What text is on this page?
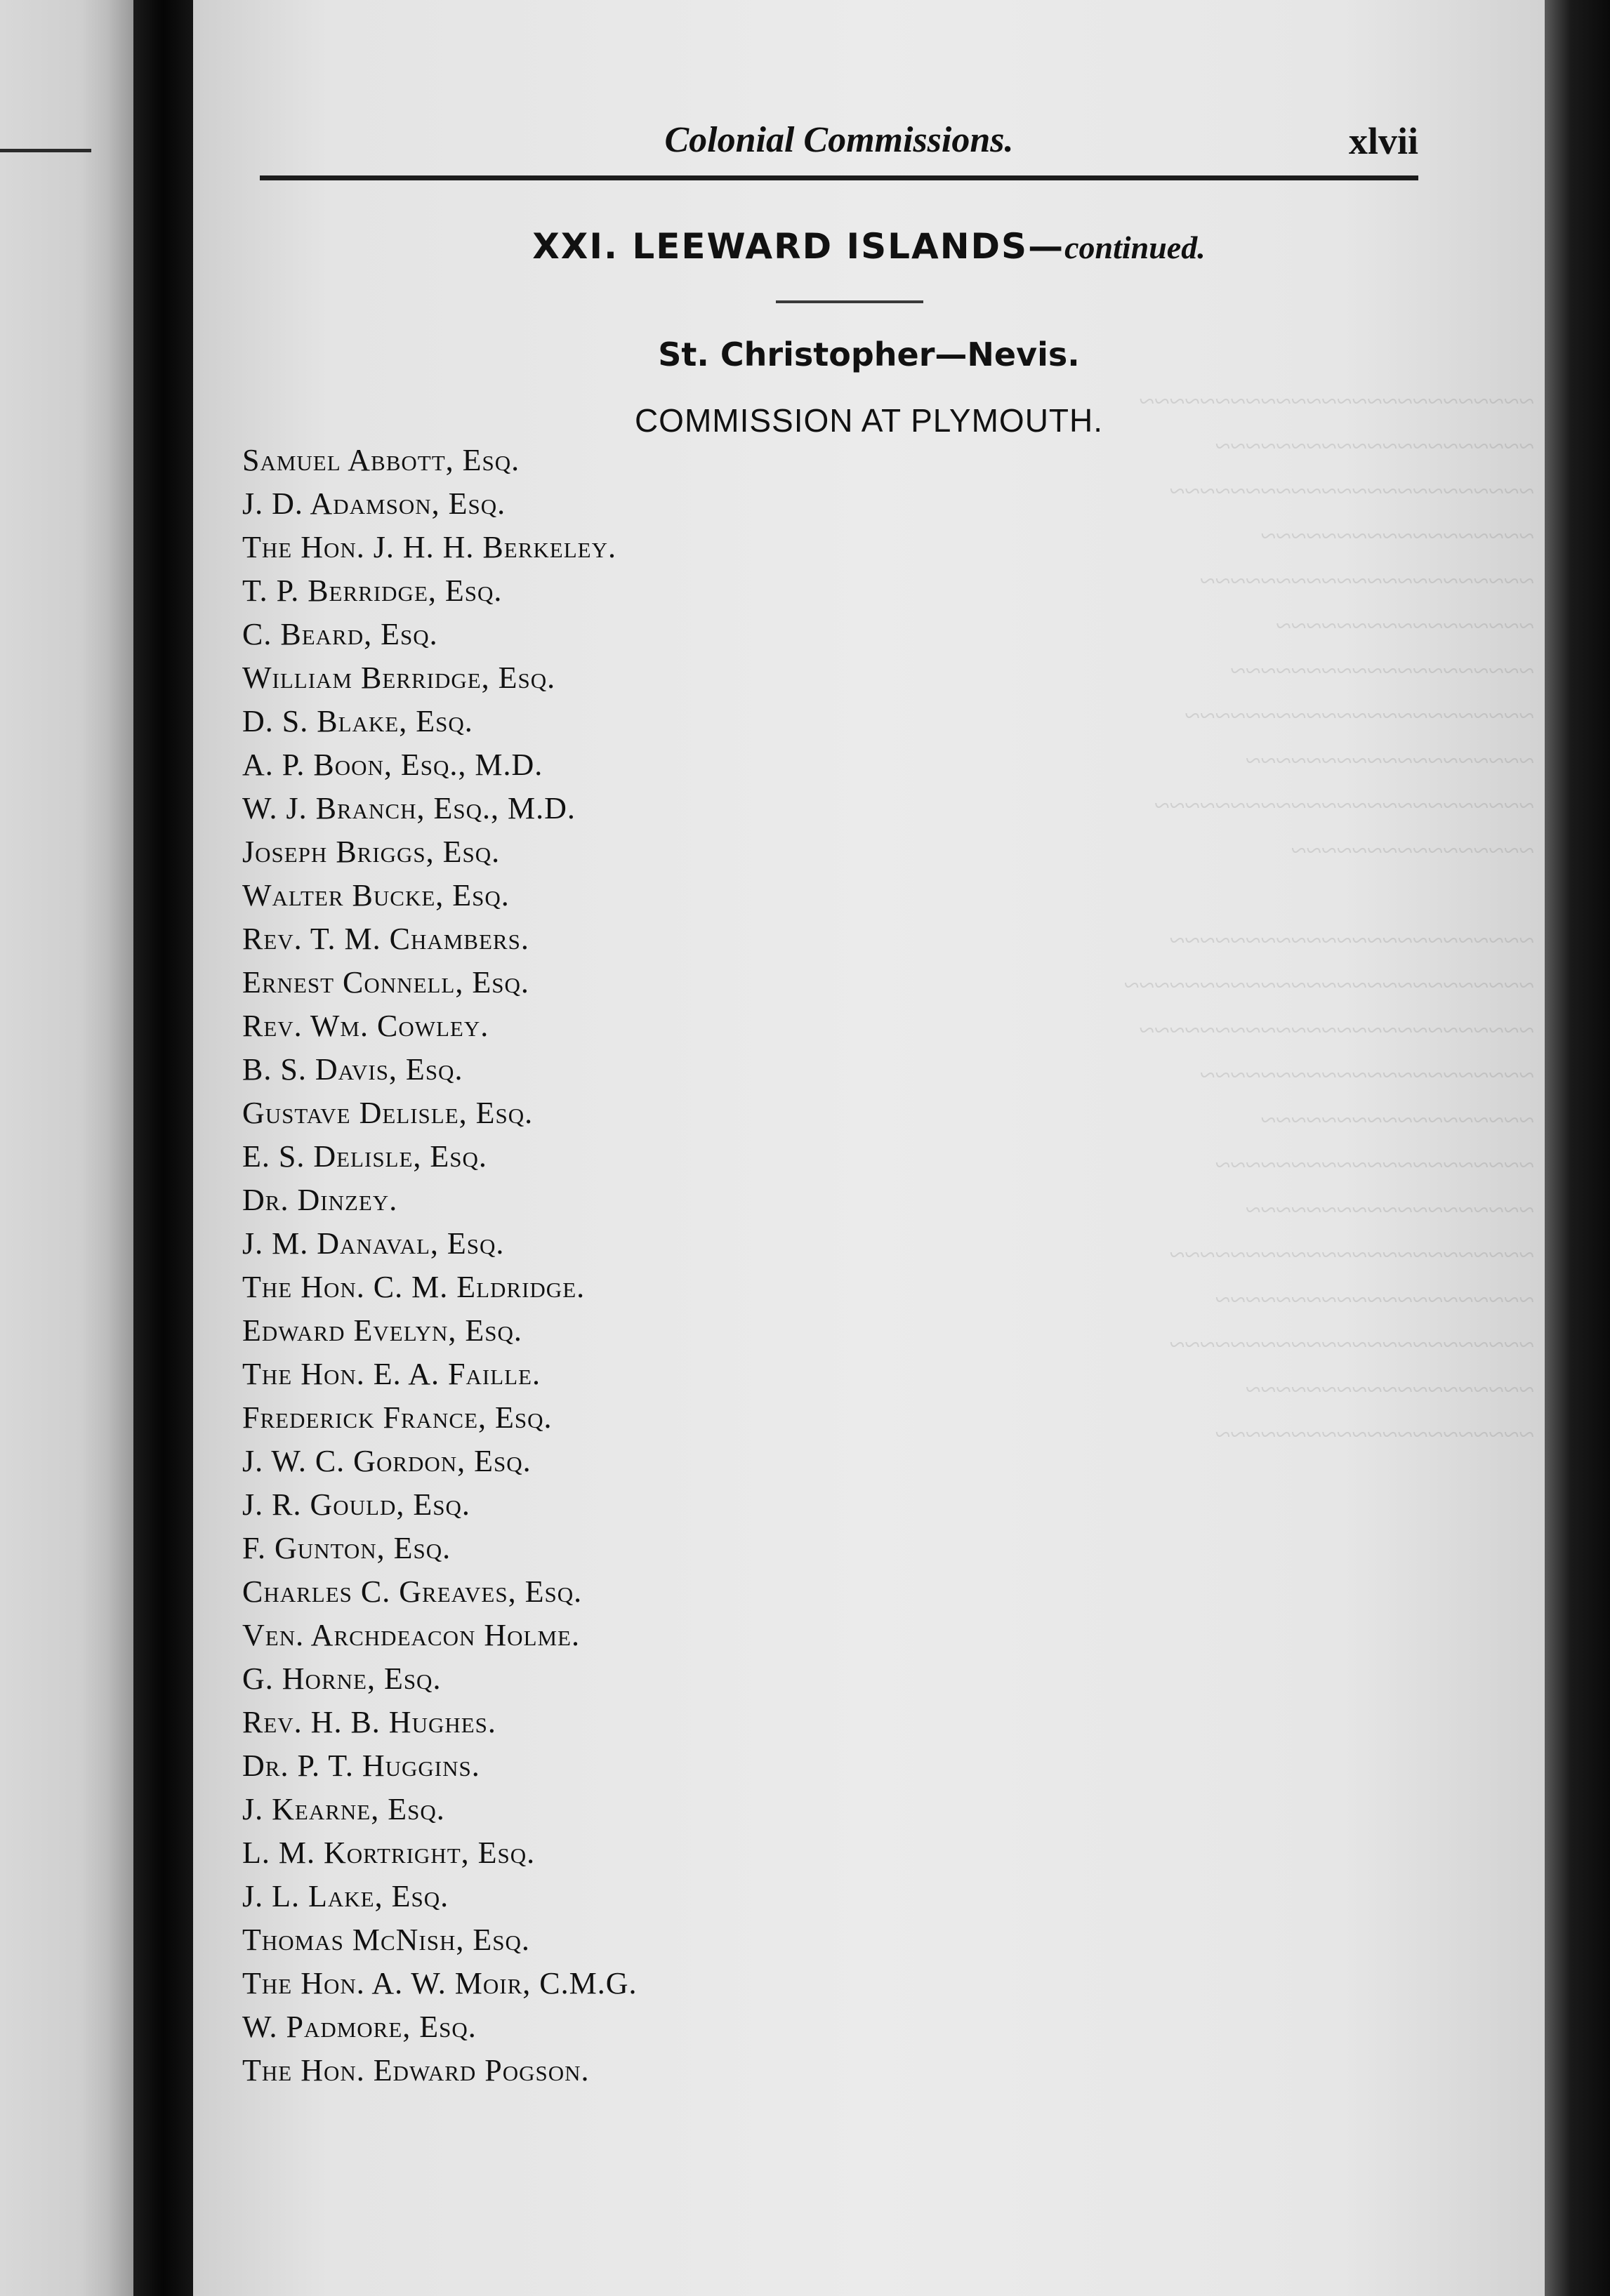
~~~~~~~~~~~~~~~~~~~~~~~~~~
~~~~~~~~~~~~~~~~~~~~~
~~~~~~~~~~~~~~~~~~~~~~~~
~~~~~~~~~~~~~~~~~~
~~~~~~~~~~~~~~~~~~~~~~
~~~~~~~~~~~~~~~~~
~~~~~~~~~~~~~~~~~~~~
~~~~~~~~~~~~~~~~~~~~~~~
~~~~~~~~~~~~~~~~~~~
~~~~~~~~~~~~~~~~~~~~~~~~~
~~~~~~~~~~~~~~~~

~~~~~~~~~~~~~~~~~~~~~~~~
~~~~~~~~~~~~~~~~~~~~~~~~~~~
~~~~~~~~~~~~~~~~~~~~~~~~~~
~~~~~~~~~~~~~~~~~~~~~~
~~~~~~~~~~~~~~~~~~
~~~~~~~~~~~~~~~~~~~~~
~~~~~~~~~~~~~~~~~~~
~~~~~~~~~~~~~~~~~~~~~~~~
~~~~~~~~~~~~~~~~~~~~~
~~~~~~~~~~~~~~~~~~~~~~~~
~~~~~~~~~~~~~~~~~~~
~~~~~~~~~~~~~~~~~~~~~

Colonial Commissions.	xlvii
XXI. LEEWARD ISLANDS—continued.
St. Christopher—Nevis.
COMMISSION AT PLYMOUTH.
Samuel Abbott, Esq.
J. D. Adamson, Esq.
The Hon. J. H. H. Berkeley.
T. P. Berridge, Esq.
C. Beard, Esq.
William Berridge, Esq.
D. S. Blake, Esq.
A. P. Boon, Esq., M.D.
W. J. Branch, Esq., M.D.
Joseph Briggs, Esq.
Walter Bucke, Esq.
Rev. T. M. Chambers.
Ernest Connell, Esq.
Rev. Wm. Cowley.
B. S. Davis, Esq.
Gustave Delisle, Esq.
E. S. Delisle, Esq.
Dr. Dinzey.
J. M. Danaval, Esq.
The Hon. C. M. Eldridge.
Edward Evelyn, Esq.
The Hon. E. A. Faille.
Frederick France, Esq.
J. W. C. Gordon, Esq.
J. R. Gould, Esq.
F. Gunton, Esq.
Charles C. Greaves, Esq.
Ven. Archdeacon Holme.
G. Horne, Esq.
Rev. H. B. Hughes.
Dr. P. T. Huggins.
J. Kearne, Esq.
L. M. Kortright, Esq.
J. L. Lake, Esq.
Thomas McNish, Esq.
The Hon. A. W. Moir, C.M.G.
W. Padmore, Esq.
The Hon. Edward Pogson.
